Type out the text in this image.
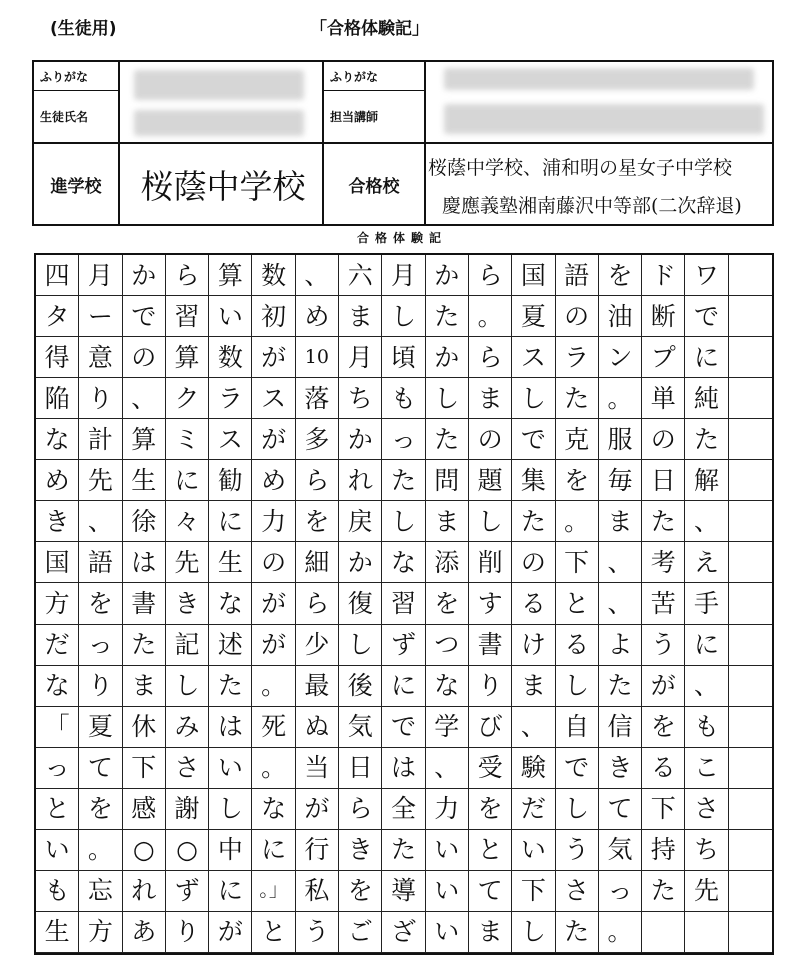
(生徒用)	「合格体験記」
ふりがな
生徒氏名
ふりがな
担当講師
進学校	桜蔭中学校	合格校
桜蔭中学校、浦和明の星女子中学校
慶應義塾湘南藤沢中等部(二次辞退)
合格体験記
四 月 か ら 算 数 、 六 月 か ら 国 語 を ド ワ
タ ー で 習 い 初 め ま し た 。 夏 の 油 断 で
得 意 の 算 数 が 10 月 頃 か ら ス ラ ン プ に
陥 り 、 ク ラ ス 落 ち も し ま し た 。 単 純
な 計 算 ミ ス が 多 か っ た の で 克 服 の た
め 先 生 に 勧 め ら れ た 問 題 集 を 毎 日 解
き 、 徐 々 に 力 を 戻 し ま し た 。 ま た 、
国 語 は 先 生 の 細 か な 添 削 の 下 、 考 え
方 を 書 き な が ら 復 習 を す る と 、 苦 手
だ っ た 記 述 が 少 し ず つ 書 け る よ う に
な り ま し た 。 最 後 に な り ま し た が 、
「 夏 休 み は 死 ぬ 気 で 学 び 、 自 信 を も
っ て 下 さ い 。 当 日 は 、 受 験 で き る こ
と を 感 謝 し な が ら 全 力 を だ し て 下 さ
い 。 ○ ○ 中 に 行 き た い と い う 気 持 ち
も 忘 れ ず に 。」 私 を 導 い て 下 さ っ た 先
生 方 あ り が と う ご ざ い ま し た 。
